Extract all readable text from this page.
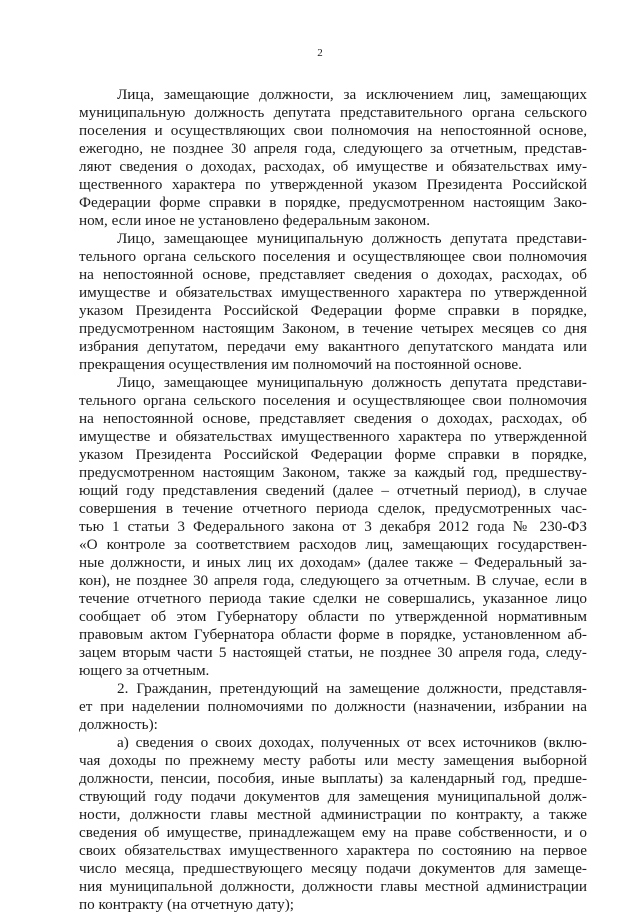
2
Лица, замещающие должности, за исключением лиц, замещающих
муниципальную должность депутата представительного органа сельского
поселения и осуществляющих свои полномочия на непостоянной основе,
ежегодно, не позднее 30 апреля года, следующего за отчетным, представ-
ляют сведения о доходах, расходах, об имуществе и обязательствах иму-
щественного характера по утвержденной указом Президента Российской
Федерации форме справки в порядке, предусмотренном настоящим Зако-
ном, если иное не установлено федеральным законом.
Лицо, замещающее муниципальную должность депутата представи-
тельного органа сельского поселения и осуществляющее свои полномочия
на непостоянной основе, представляет сведения о доходах, расходах, об
имуществе и обязательствах имущественного характера по утвержденной
указом Президента Российской Федерации форме справки в порядке,
предусмотренном настоящим Законом, в течение четырех месяцев со дня
избрания депутатом, передачи ему вакантного депутатского мандата или
прекращения осуществления им полномочий на постоянной основе.
Лицо, замещающее муниципальную должность депутата представи-
тельного органа сельского поселения и осуществляющее свои полномочия
на непостоянной основе, представляет сведения о доходах, расходах, об
имуществе и обязательствах имущественного характера по утвержденной
указом Президента Российской Федерации форме справки в порядке,
предусмотренном настоящим Законом, также за каждый год, предшеству-
ющий году представления сведений (далее – отчетный период), в случае
совершения в течение отчетного периода сделок, предусмотренных час-
тью 1 статьи 3 Федерального закона от 3 декабря 2012 года № 230-ФЗ
«О контроле за соответствием расходов лиц, замещающих государствен-
ные должности, и иных лиц их доходам» (далее также – Федеральный за-
кон), не позднее 30 апреля года, следующего за отчетным. В случае, если в
течение отчетного периода такие сделки не совершались, указанное лицо
сообщает об этом Губернатору области по утвержденной нормативным
правовым актом Губернатора области форме в порядке, установленном аб-
зацем вторым части 5 настоящей статьи, не позднее 30 апреля года, следу-
ющего за отчетным.
2. Гражданин, претендующий на замещение должности, представля-
ет при наделении полномочиями по должности (назначении, избрании на
должность):
а) сведения о своих доходах, полученных от всех источников (вклю-
чая доходы по прежнему месту работы или месту замещения выборной
должности, пенсии, пособия, иные выплаты) за календарный год, предше-
ствующий году подачи документов для замещения муниципальной долж-
ности, должности главы местной администрации по контракту, а также
сведения об имуществе, принадлежащем ему на праве собственности, и о
своих обязательствах имущественного характера по состоянию на первое
число месяца, предшествующего месяцу подачи документов для замеще-
ния муниципальной должности, должности главы местной администрации
по контракту (на отчетную дату);
